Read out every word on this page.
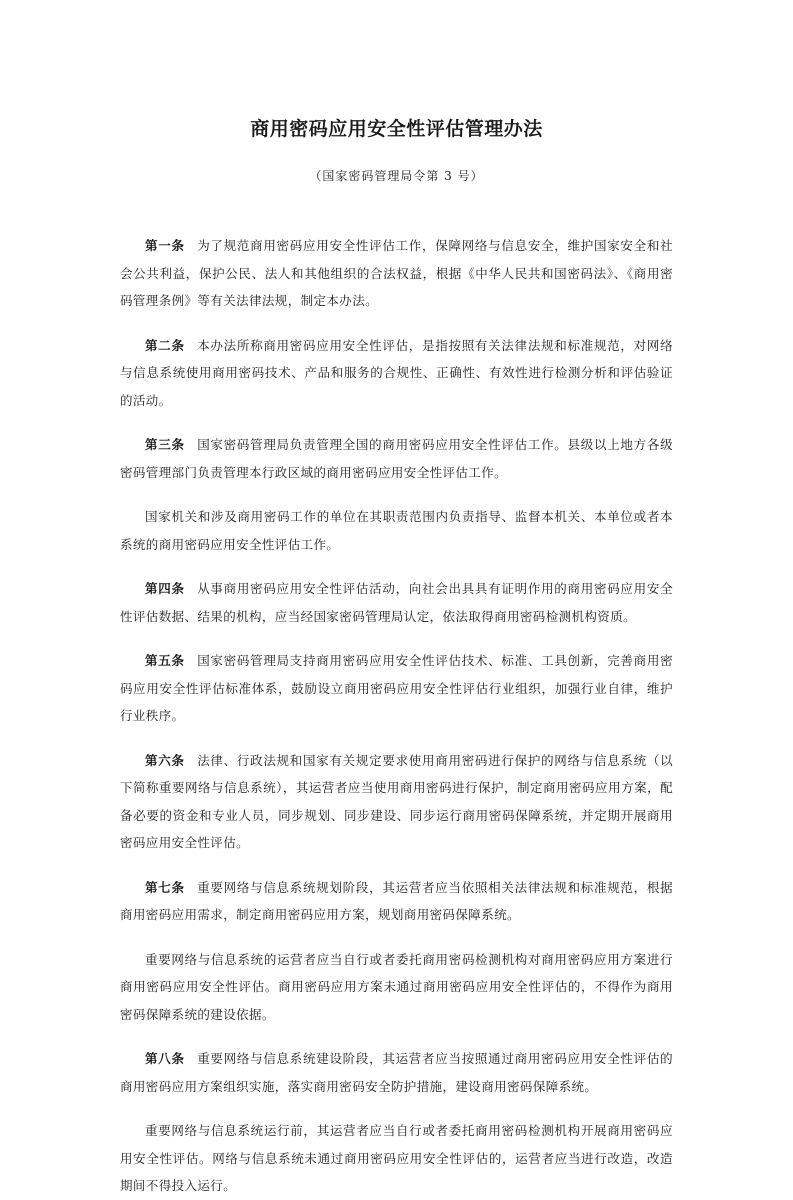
商用密码应用安全性评估管理办法
（国家密码管理局令第 3 号）

第一条 为了规范商用密码应用安全性评估工作，保障网络与信息安全，维护国家安全和社会公共利益，保护公民、法人和其他组织的合法权益，根据《中华人民共和国密码法》、《商用密码管理条例》等有关法律法规，制定本办法。

第二条 本办法所称商用密码应用安全性评估，是指按照有关法律法规和标准规范，对网络与信息系统使用商用密码技术、产品和服务的合规性、正确性、有效性进行检测分析和评估验证的活动。

第三条 国家密码管理局负责管理全国的商用密码应用安全性评估工作。县级以上地方各级密码管理部门负责管理本行政区域的商用密码应用安全性评估工作。

国家机关和涉及商用密码工作的单位在其职责范围内负责指导、监督本机关、本单位或者本系统的商用密码应用安全性评估工作。

第四条 从事商用密码应用安全性评估活动，向社会出具具有证明作用的商用密码应用安全性评估数据、结果的机构，应当经国家密码管理局认定，依法取得商用密码检测机构资质。

第五条 国家密码管理局支持商用密码应用安全性评估技术、标准、工具创新，完善商用密码应用安全性评估标准体系，鼓励设立商用密码应用安全性评估行业组织，加强行业自律，维护行业秩序。

第六条 法律、行政法规和国家有关规定要求使用商用密码进行保护的网络与信息系统（以下简称重要网络与信息系统），其运营者应当使用商用密码进行保护，制定商用密码应用方案，配备必要的资金和专业人员，同步规划、同步建设、同步运行商用密码保障系统，并定期开展商用密码应用安全性评估。

第七条 重要网络与信息系统规划阶段，其运营者应当依照相关法律法规和标准规范，根据商用密码应用需求，制定商用密码应用方案，规划商用密码保障系统。

重要网络与信息系统的运营者应当自行或者委托商用密码检测机构对商用密码应用方案进行商用密码应用安全性评估。商用密码应用方案未通过商用密码应用安全性评估的，不得作为商用密码保障系统的建设依据。

第八条 重要网络与信息系统建设阶段，其运营者应当按照通过商用密码应用安全性评估的商用密码应用方案组织实施，落实商用密码安全防护措施，建设商用密码保障系统。

重要网络与信息系统运行前，其运营者应当自行或者委托商用密码检测机构开展商用密码应用安全性评估。网络与信息系统未通过商用密码应用安全性评估的，运营者应当进行改造，改造期间不得投入运行。
